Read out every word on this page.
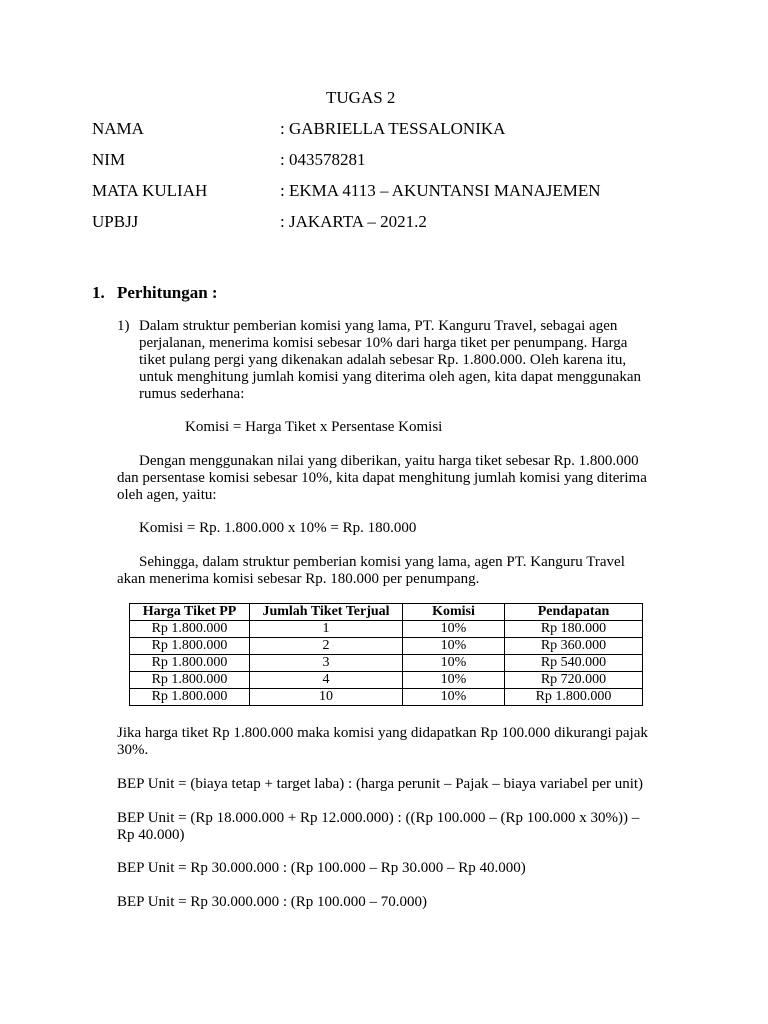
TUGAS 2
NAMA	: GABRIELLA TESSALONIKA
NIM	: 043578281
MATA KULIAH	: EKMA 4113 – AKUNTANSI MANAJEMEN
UPBJJ	: JAKARTA – 2021.2
1. Perhitungan :
1) Dalam struktur pemberian komisi yang lama, PT. Kanguru Travel, sebagai agen
perjalanan, menerima komisi sebesar 10% dari harga tiket per penumpang. Harga
tiket pulang pergi yang dikenakan adalah sebesar Rp. 1.800.000. Oleh karena itu,
untuk menghitung jumlah komisi yang diterima oleh agen, kita dapat menggunakan
rumus sederhana:
Komisi = Harga Tiket x Persentase Komisi
Dengan menggunakan nilai yang diberikan, yaitu harga tiket sebesar Rp. 1.800.000
dan persentase komisi sebesar 10%, kita dapat menghitung jumlah komisi yang diterima
oleh agen, yaitu:
Komisi = Rp. 1.800.000 x 10% = Rp. 180.000
Sehingga, dalam struktur pemberian komisi yang lama, agen PT. Kanguru Travel
akan menerima komisi sebesar Rp. 180.000 per penumpang.
Harga Tiket PP	Jumlah Tiket Terjual	Komisi	Pendapatan
Rp 1.800.000	1	10%	Rp 180.000
Rp 1.800.000	2	10%	Rp 360.000
Rp 1.800.000	3	10%	Rp 540.000
Rp 1.800.000	4	10%	Rp 720.000
Rp 1.800.000	10	10%	Rp 1.800.000
Jika harga tiket Rp 1.800.000 maka komisi yang didapatkan Rp 100.000 dikurangi pajak
30%.
BEP Unit = (biaya tetap + target laba) : (harga perunit – Pajak – biaya variabel per unit)
BEP Unit = (Rp 18.000.000 + Rp 12.000.000) : ((Rp 100.000 – (Rp 100.000 x 30%)) –
Rp 40.000)
BEP Unit = Rp 30.000.000 : (Rp 100.000 – Rp 30.000 – Rp 40.000)
BEP Unit = Rp 30.000.000 : (Rp 100.000 – 70.000)
